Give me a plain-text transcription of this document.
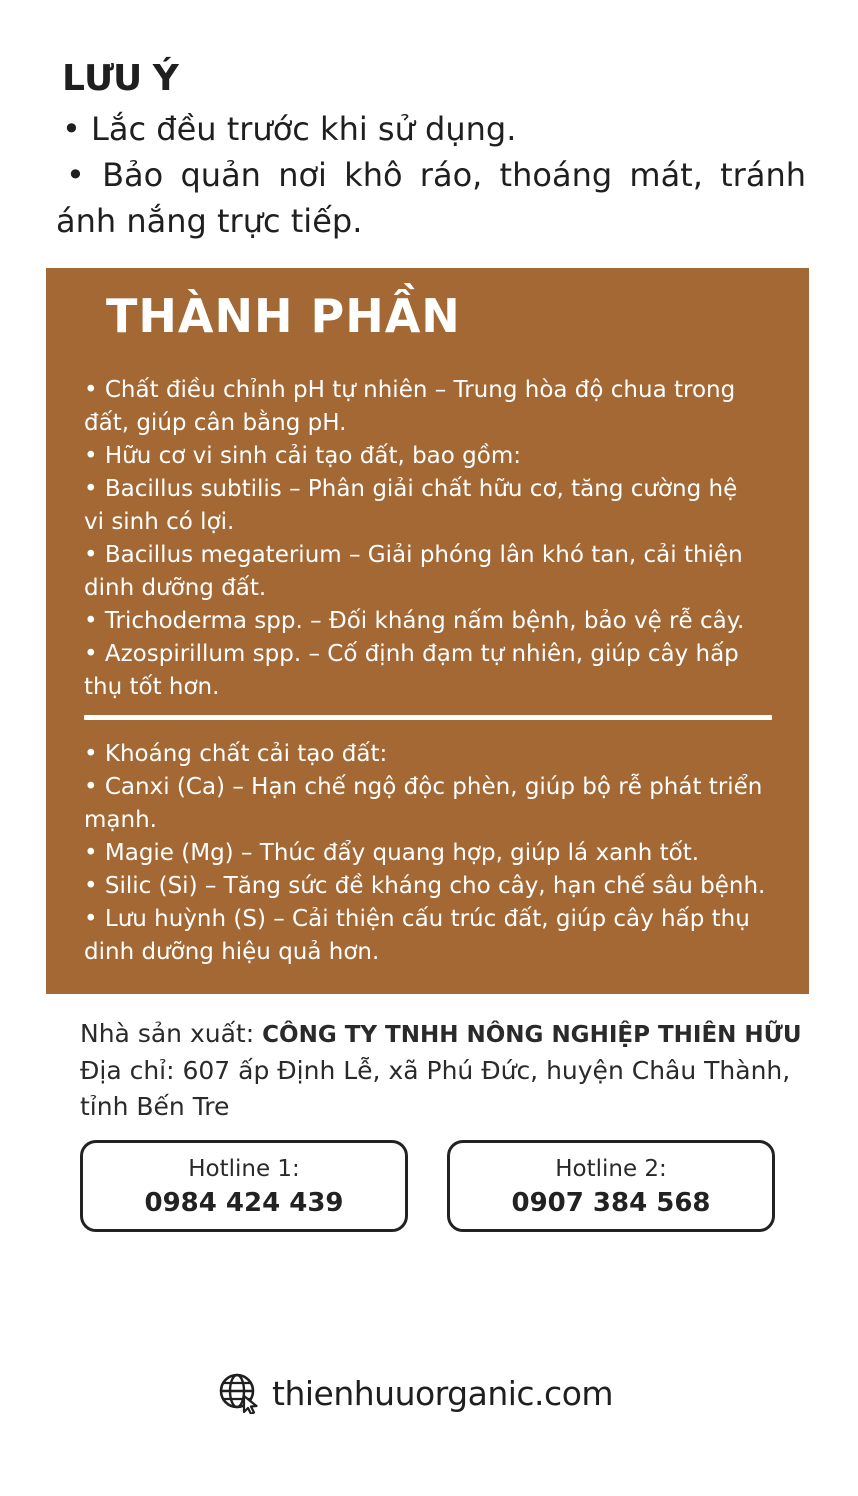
LƯU Ý
• Lắc đều trước khi sử dụng.
• Bảo quản nơi khô ráo, thoáng mát, tránh ánh nắng trực tiếp.
THÀNH PHẦN
• Chất điều chỉnh pH tự nhiên – Trung hòa độ chua trong
đất, giúp cân bằng pH.
• Hữu cơ vi sinh cải tạo đất, bao gồm:
• Bacillus subtilis – Phân giải chất hữu cơ, tăng cường hệ
vi sinh có lợi.
• Bacillus megaterium – Giải phóng lân khó tan, cải thiện
dinh dưỡng đất.
• Trichoderma spp. – Đối kháng nấm bệnh, bảo vệ rễ cây.
• Azospirillum spp. – Cố định đạm tự nhiên, giúp cây hấp
thụ tốt hơn.
• Khoáng chất cải tạo đất:
• Canxi (Ca) – Hạn chế ngộ độc phèn, giúp bộ rễ phát triển
mạnh.
• Magie (Mg) – Thúc đẩy quang hợp, giúp lá xanh tốt.
• Silic (Si) – Tăng sức đề kháng cho cây, hạn chế sâu bệnh.
• Lưu huỳnh (S) – Cải thiện cấu trúc đất, giúp cây hấp thụ
dinh dưỡng hiệu quả hơn.
Nhà sản xuất: CÔNG TY TNHH NÔNG NGHIỆP THIÊN HỮU
Địa chỉ: 607 ấp Định Lễ, xã Phú Đức, huyện Châu Thành,
tỉnh Bến Tre
Hotline 1:
0984 424 439
Hotline 2:
0907 384 568
thienhuuorganic.com
